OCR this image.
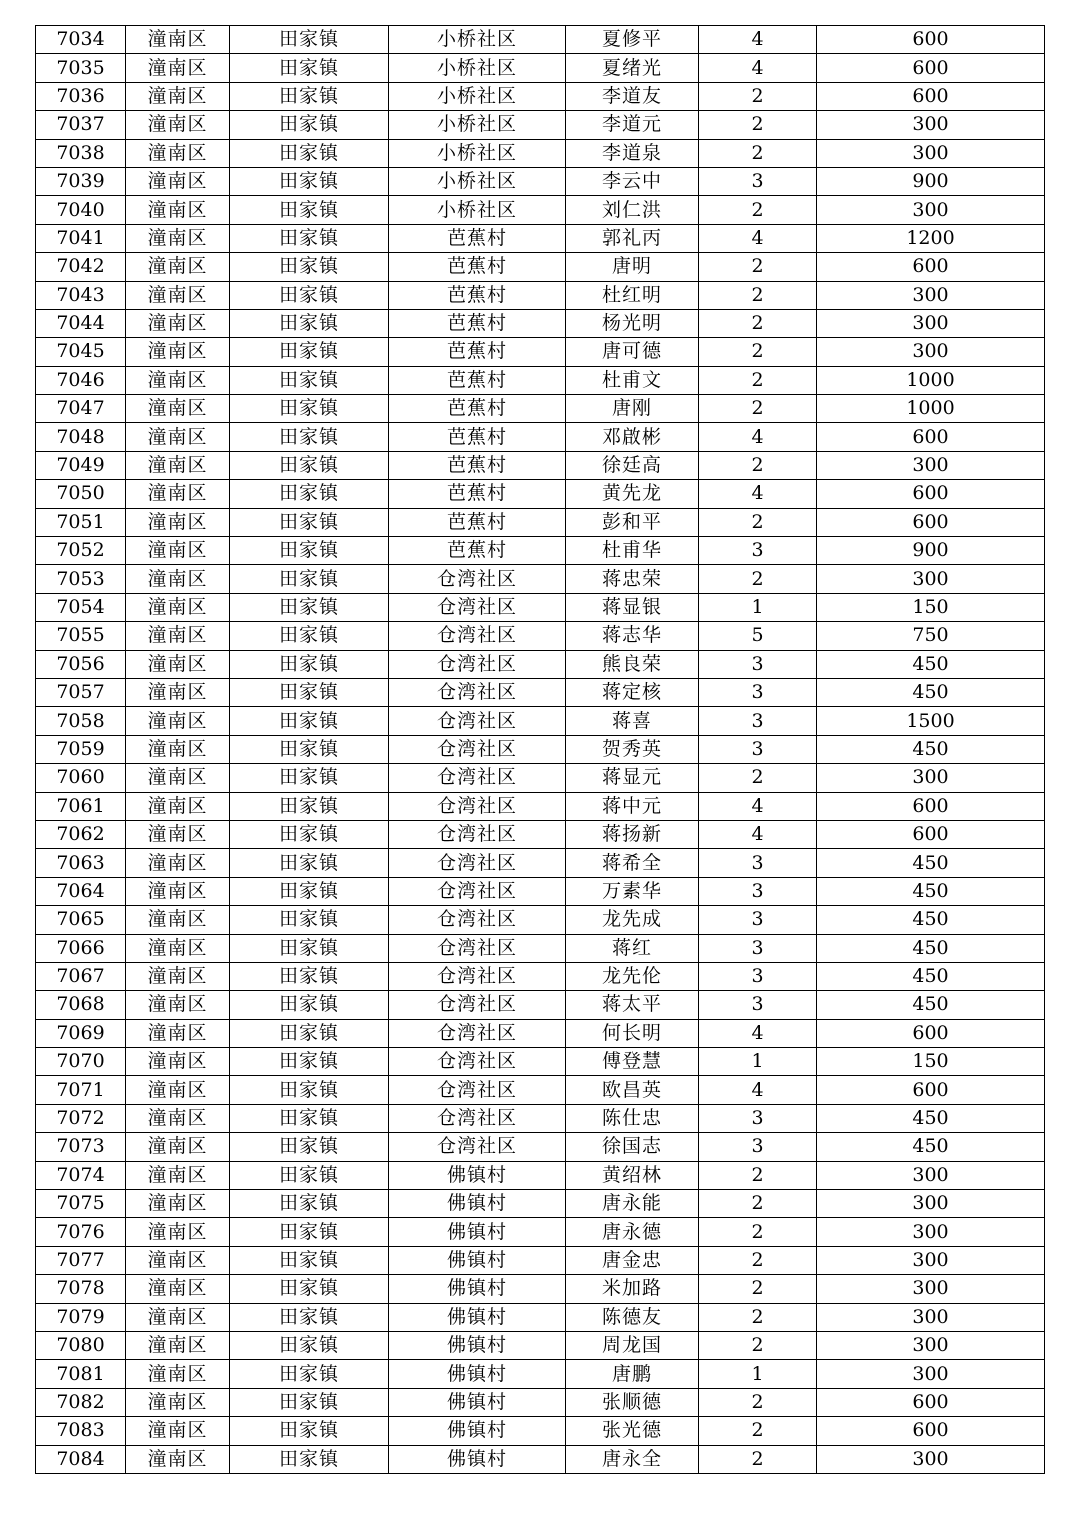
7034	潼南区	田家镇	小桥社区	夏修平	4	600
7035	潼南区	田家镇	小桥社区	夏绪光	4	600
7036	潼南区	田家镇	小桥社区	李道友	2	600
7037	潼南区	田家镇	小桥社区	李道元	2	300
7038	潼南区	田家镇	小桥社区	李道泉	2	300
7039	潼南区	田家镇	小桥社区	李云中	3	900
7040	潼南区	田家镇	小桥社区	刘仁洪	2	300
7041	潼南区	田家镇	芭蕉村	郭礼丙	4	1200
7042	潼南区	田家镇	芭蕉村	唐明	2	600
7043	潼南区	田家镇	芭蕉村	杜红明	2	300
7044	潼南区	田家镇	芭蕉村	杨光明	2	300
7045	潼南区	田家镇	芭蕉村	唐可德	2	300
7046	潼南区	田家镇	芭蕉村	杜甫文	2	1000
7047	潼南区	田家镇	芭蕉村	唐刚	2	1000
7048	潼南区	田家镇	芭蕉村	邓啟彬	4	600
7049	潼南区	田家镇	芭蕉村	徐廷高	2	300
7050	潼南区	田家镇	芭蕉村	黄先龙	4	600
7051	潼南区	田家镇	芭蕉村	彭和平	2	600
7052	潼南区	田家镇	芭蕉村	杜甫华	3	900
7053	潼南区	田家镇	仓湾社区	蒋忠荣	2	300
7054	潼南区	田家镇	仓湾社区	蒋显银	1	150
7055	潼南区	田家镇	仓湾社区	蒋志华	5	750
7056	潼南区	田家镇	仓湾社区	熊良荣	3	450
7057	潼南区	田家镇	仓湾社区	蒋定核	3	450
7058	潼南区	田家镇	仓湾社区	蒋喜	3	1500
7059	潼南区	田家镇	仓湾社区	贺秀英	3	450
7060	潼南区	田家镇	仓湾社区	蒋显元	2	300
7061	潼南区	田家镇	仓湾社区	蒋中元	4	600
7062	潼南区	田家镇	仓湾社区	蒋扬新	4	600
7063	潼南区	田家镇	仓湾社区	蒋希全	3	450
7064	潼南区	田家镇	仓湾社区	万素华	3	450
7065	潼南区	田家镇	仓湾社区	龙先成	3	450
7066	潼南区	田家镇	仓湾社区	蒋红	3	450
7067	潼南区	田家镇	仓湾社区	龙先伦	3	450
7068	潼南区	田家镇	仓湾社区	蒋太平	3	450
7069	潼南区	田家镇	仓湾社区	何长明	4	600
7070	潼南区	田家镇	仓湾社区	傅登慧	1	150
7071	潼南区	田家镇	仓湾社区	欧昌英	4	600
7072	潼南区	田家镇	仓湾社区	陈仕忠	3	450
7073	潼南区	田家镇	仓湾社区	徐国志	3	450
7074	潼南区	田家镇	佛镇村	黄绍林	2	300
7075	潼南区	田家镇	佛镇村	唐永能	2	300
7076	潼南区	田家镇	佛镇村	唐永德	2	300
7077	潼南区	田家镇	佛镇村	唐金忠	2	300
7078	潼南区	田家镇	佛镇村	米加路	2	300
7079	潼南区	田家镇	佛镇村	陈德友	2	300
7080	潼南区	田家镇	佛镇村	周龙国	2	300
7081	潼南区	田家镇	佛镇村	唐鹏	1	300
7082	潼南区	田家镇	佛镇村	张顺德	2	600
7083	潼南区	田家镇	佛镇村	张光德	2	600
7084	潼南区	田家镇	佛镇村	唐永全	2	300
